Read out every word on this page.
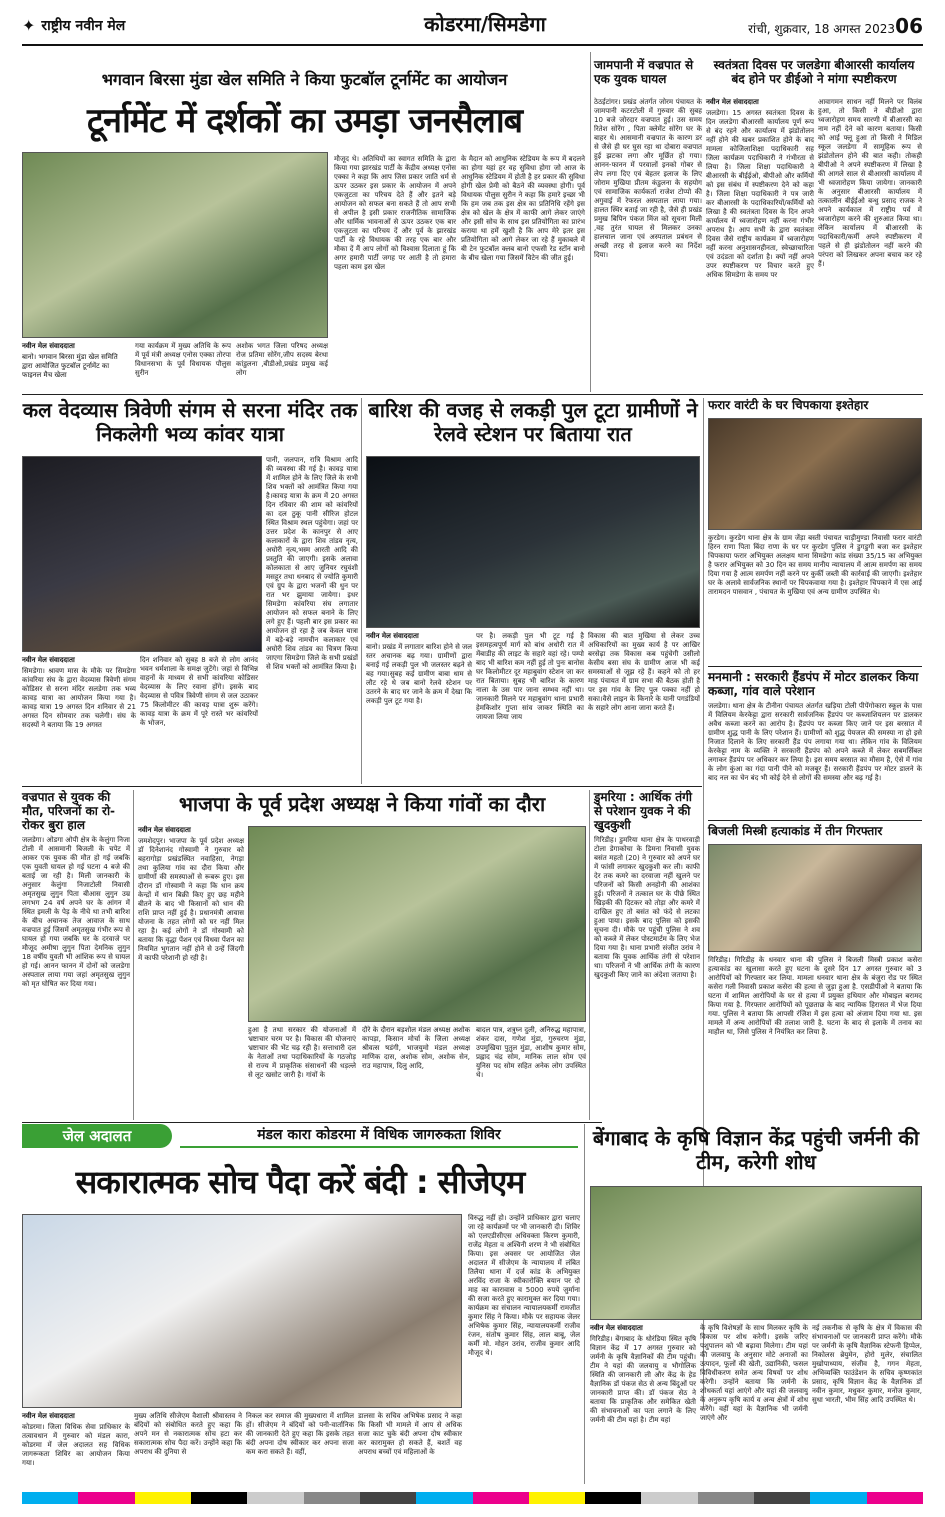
✦ राष्ट्रीय नवीन मेल	कोडरमा/सिमडेगा	रांची, शुक्रवार, 18 अगस्त 2023 06
भगवान बिरसा मुंडा खेल समिति ने किया फुटबॉल टूर्नामेंट का आयोजन
टूर्नामेंट में दर्शकों का उमड़ा जनसैलाब
नवीन मेल संवाददाता
बानो। भगवान बिरसा मुंडा खेल समिति द्वारा आयोजित फुटबॉल टूर्नामेंट का फाइनल मैच खेला
गया कार्यक्रम में मुख्य अतिथि के रूप में पूर्व मंत्री अध्यक्ष एनोस एक्का तोरपा विधानसभा के पूर्व विधायक पौलुस सुरीन
अशोक भगत जिला परिषद अध्यक्ष रोज प्रतिमा सोरेंग,जीप सदस्य बेरथा कांडुलना ,बीडीओ,प्रखंड प्रमुख कई लोग
मौजूद थे। अतिथियों का स्वागत समिति के द्वारा किया गया झारखंड पार्टी के केंद्रीय अध्यक्ष एनोस एक्का ने कहा कि आप जिस प्रकार जाति धर्म से ऊपर उठकर इस प्रकार के आयोजन में अपने एकजुटता का परिचय देते हैं और इतने बड़े आयोजन को सफल बना सकते हैं तो आप सभी से अपील है इसी प्रकार राजनीतिक सामाजिक और धार्मिक भावनाओं से ऊपर उठकर एक बार एकजुटता का परिचय दें और पूर्व के झारखंड पार्टी के रहे विधायक की तरह एक बार और मौका दें मैं आप लोगों को विश्वास दिलाता हूं कि अगर हमारी पार्टी जगह पर आती है तो हमारा पहला काम इस खेल
के मैदान को आधुनिक स्टेडियम के रूप में बदलने का होगा यहां हर वह सुविधा होगा जो आज के आधुनिक स्टेडियम में होती है हर प्रकार की सुविधा होगी खेल प्रेमी को बैठने की व्यवस्था होगी। पूर्व विधायक पौलुस सुरीन ने कहा कि हमारे इच्छा भी कि हम जब तक इस क्षेत्र का प्रतिनिधि रहेंगे इस क्षेत्र को खेल के क्षेत्र में काफी आगे लेकर जाएंगे और इसी सोच के साथ इस प्रतियोगिता का प्रारंभ कराया था हमें खुशी है कि आप मेरे इतर इस प्रतियोगिता को आगे लेकर जा रहे हैं मुकाबले में बी टेन फुटबॉल क्लब बानो एफसी रेड स्टॉन बानो के बीच खेला गया जिसमें विटेन की जीत हुई।
जामपानी में वज्रपात से एक युवक घायल
ठेठईटांगर। प्रखंड अंतर्गत जोरम पंचायत के जामपानी कटरटोली में गुरुवार की सुबह 10 बजे जोरदार वज्रपात हुई। उस समय रितेश सोरेंग , पिता क्लेमेंट सोरेंग घर के बाहर थे। आसमानी वज्रपात के कारण डर से जैसे ही घर घुस रहा था दोबारा वज्रपात हुई झटका लगा और मूर्छित हो गया। आनन-फानन में परवालों इनको गोबर से लेप लगा दिए एवं बेहतर इलाज के लिए जोराम मुखिया प्रीतम कंडुलना के सहयोग एवं सामाजिक कार्यकर्ता राजेश टोप्पो की अगुवाई में रेफरल अस्पताल लाया गया। हालत स्थिर बताई जा रही है, जैसे ही प्रखंड प्रमुख बिपिन पंकज मिंज को सूचना मिली ,वह तुरंत घायल से मिलकर उनका हालचाल जाना एवं अस्पताल प्रबंधन से अच्छी तरह से इलाज करने का निर्देश दिया।
स्वतंत्रता दिवस पर जलडेगा बीआरसी कार्यालय बंद होने पर डीईओ ने मांगा स्पष्टीकरण
नवीन मेल संवाददाता
जलडेगा। 15 अगस्त स्वतंत्रता दिवस के दिन जलडेगा बीआरसी कार्यालय पूर्ण रूप से बंद रहने और कार्यालय में झंडोतोलन नहीं होने की खबर प्रकाशित होने के बाद मामला कोजिलाशिक्षा पदाधिकारी सह जिला कार्यक्रम पदाधिकारी ने गंभीरता से लिया है। जिला शिक्षा पदाधिकारी ने बीआरसी के बीईईओ, बीपीओ और कर्मियों को इस संबंध में स्पष्टीकरण देने को कहा है। जिला शिक्षा पदाधिकारी ने पत्र जारी कर बीआरसी के पदाधिकारियों/कर्मियों को लिखा है की स्वतंत्रता दिवस के दिन अपने कार्यालय में ध्वजारोहण नहीं करना गंभीर अपराध है। आप सभी के द्वारा स्वतंत्रता दिवस जैसे राष्ट्रीय कार्यक्रम में ध्वजारोहण नहीं करना अनुशासनहीनता, स्वेच्छाचारिता एवं उदंडता को दर्शाता है। क्यों नहीं अपने उपर स्पष्टीकरण पर विचार करते हुए अधिक सिमडेगा के समय पर
आवागमन साधन नहीं मिलने पर विलंब हुआ, तो किसी ने बीडीओ द्वारा ध्वजारोहण समय सारणी में बीआरसी का नाम नहीं देने को कारण बताया। किसी को आई फ्लू हुआ तो किसी ने मिडिल स्कूल जलडेगा में सामूहिक रूप से झंडोतोलन होने की बात कही। तोकही बीपीओ ने अपने स्पष्टीकरण में लिखा है की आगले साल से बीआरसी कार्यालय में भी ध्वजारोहण किया जायेगा। जानकारी के अनुसार बीआरसी कार्यालय में तत्कालीन बीईईओ बन्धु प्रसाद राजक ने अपने कार्यकाल में राष्ट्रीय पर्व में ध्वजारोहण करने की शुरुआत किया था। लेकिन कार्यालय में बीआरसी के पदाधिकारी/कर्मी अपने स्पष्टीकरण में पहले से ही झंडोतोलन नहीं करने की परंपरा को लिखकर अपना बचाव कर रहे हैं।
कल वेदव्यास त्रिवेणी संगम से सरना मंदिर तक निकलेगी भव्य कांवर यात्रा
पानी, जलपान, रात्रि विश्राम आदि की व्यवस्था की गई है। कावड़ यात्रा में शामिल होने के लिए जिले के सभी शिव भक्तों को आमंत्रित किया गया है।कावड़ यात्रा के क्रम में 20 अगस्त दिन रविवार की शाम को कांवरियों का दल ठुकू पानी सीरिज होटल स्थित विश्राम स्थल पहुंचेगा। जहां पर उत्तर प्रदेश के कानपुर से आए कलाकारों के द्वारा शिव तांडव नृत्य, अघोरी नृत्य,भस्म आरती आदि की प्रस्तुति की जाएगी। इसके अलावा कोलकाता से आए जुनियर रघुवंशी मसहूर तथा धनबाद से ज्योति कुमारी एवं ग्रुप के द्वारा भजनों की धुन पर रात भर झुमाया जायेगा। इधर सिमडेगा कांवरिया संघ लगातार आयोजन को सफल बनाने के लिए लगे हुए हैं। पहली बार इस प्रकार का आयोजन हो रहा है जब केवल यात्रा में बड़े-बड़े नामचीन कलाकार एवं अघोरी शिव तांडव का चित्रण किया जाएगा सिमडेगा जिले के सभी प्रखंडों से शिव भक्तों को आमंत्रित किया है।
नवीन मेल संवाददाता
सिमडेगा। श्रावण मास के मौके पर सिमडेगा कांवरिया संघ के द्वारा वेदव्यास त्रिवेणी संगम कोडिसर से सरना मंदिर सलडेगा तक भव्य कावड़ यात्रा का आयोजन किया गया है। कावड़ यात्रा 19 अगस्त दिन शनिवार से 21 अगस्त दिन सोमवार तक चलेगी। संघ के सदस्यों ने बताया कि 19 अगस्त
दिन शनिवार को सुबह 8 बजे से लोग आनंद भवन धर्मशाला के समक्ष जुटेंगे। जहां से विभिन्न वाहनों के माध्यम से सभी कांवरिया कोडिसर वेदव्यास के लिए रवाना होंगे। इसके बाद वेदव्यास से पवित्र त्रिवेणी संगम से जल उठाकर 75 किलोमीटर की कावड़ यात्रा शुरू करेंगे। कावड़ यात्रा के क्रम में पूरे रास्ते भर कांवरियों के भोजन,
बारिश की वजह से लकड़ी पुल टूटा ग्रामीणों ने रेलवे स्टेशन पर बिताया रात
नवीन मेल संवाददाता
बानो। प्रखंड में लगातार बारिश होने से जल स्तर अचानक बढ़ गया। ग्रामीणों द्वारा बनाई गई लकड़ी पुल भी जलस्तर बढ़ने से बह गया।सुबह कई ग्रामीण बाबा धाम से लौट रहे थे जब बानो रेलवे स्टेशन पर उतरने के बाद घर जाने के क्रम में देखा कि लकड़ी पुल टूट गया है।
पर है। लकड़ी पुल भी टूट गई है इसमहत्वपूर्ण मार्ग को बांध अधोरी रात में मेंबाडीह की लाइट के सहारे वहां रहे। पम्पो बाद भी बारिश कम नहीं हुई तो पुनः बानोस घर किलोमीटर दूर महाबुवांग स्टेशन जा कर रात बिताया। सुबह भी बारिश के कारण नाला के उस पार जाना सम्भव नहीं था। जानकारी मिलने पर महाबुवांग थाना प्रभारी हेमकिशोर गुप्ता सांव जाकर स्थिति का जायजा लिया जाय
विकास की बात मुखिया से लेकर उच्च अधिकारियों का मुख्य कार्य है पर आखिर बरसेढ़ा तक विकास कब पहुंचेगी उसीलो केसीय बसा संघ के ग्रामीण आज भी कई समस्याओं से जूझ रहे हैं। कहने को तो हर माह पंचायत में ग्राम सभा की बैठक होती है पर इस गांव के लिए पुल पक्का नहीं हो सका।वैसे लाइन के किनारे के यानी पगडंडियों के सहारे लोग आना जाना करते हैं।
फरार वारंटी के घर चिपकाया इश्तेहार
कुरडेग। कुरडेग थाना क्षेत्र के ग्राम जेंड़ा बस्ती पंचायत चाड़ीमुण्डा निवासी फरार वारंटी हिरन राणा पिता बिंदा राणा के घर पर कुरडेग पुलिस ने डुगडुगी बजा कर इश्तेहार चिपकाया फरार अभियुक्त अलक्षय थाना सिमडेगा कांड संख्या 35/15 का अभियुक्त है फरार अभियुक्त को 30 दिन का समय मानीय न्यायालय में आत्म समर्पण का समय दिया गया है आत्म समर्पण नहीं करने पर कुर्की जब्ती की कार्रवाई की जाएगी। इश्तेहार घर के अलावे सार्वजनिक स्थानों पर चिपकवाया गया है। इश्तेहार चिपकाने में एस आई तारामदन पासवान , पंचायत के मुखिया एवं अन्य ग्रामीण उपस्थित थे।
मनमानी : सरकारी हैंडपंप में मोटर डालकर किया कब्जा, गांव वाले परेशान
जलडेगा। थाना क्षेत्र के टीनीना पंचायत अंतर्गत खड़िया टोली पीपेंगोकारा स्कूल के पास में विलियम केरकेट्टा द्वारा सरकारी सार्वजनिक हैंडपंप पर कब्जाशियलन पर डालकर अवैध कब्जा करने का आरोप है। हैंडपंप पर कब्जा किए जाने पर इस बरसात में ग्रामीण शुद्ध पानी के लिए परेशान हैं। ग्रामीणों को शुद्ध पेयजल की समस्या ना हो इसे निजात दिलाने के लिए सरकारी हैंड पंप लगाया गया था। लेकिन गांव के विलियम केरकेट्टा नाम के व्यक्ति ने सरकारी हैंडपंप को अपने कब्जे में लेकर सबमर्सिबल लगाकर हैंडपंप पर अधिकार कर लिया है। इस समय बरसात का मौसम है, ऐसे में गांव के लोग कुंआ का गंदा पानी पीने को मजबूर हैं। सरकारी हैंडपंप पर मोटर डालने के बाद नल का चेन बंद भी कोई देने से लोगों की समस्या और बढ़ गई है।
बिजली मिस्त्री हत्याकांड में तीन गिरफ्तार
गिरिडीह। गिरिडीह के धनवार थाना की पुलिस ने बिजली मिस्त्री प्रकाश कसेरा हत्याकांड का खुलासा करते हुए घटना के दूसरे दिन 17 अगस्त गुरुवार को 3 आरोपियों को गिरफ्तार कर लिया. मामला धनवार थाना क्षेत्र के बंजुरा रोड पर स्थित कसेरा गली निवासी प्रकाश कसेरा की हत्या से जुड़ा हुआ है. एसडीपीओ ने बताया कि घटना में शामिल आरोपियों के घर से हत्या में प्रयुक्त हथियार और मोबाइल बरामद किया गया है. गिरफ्तार आरोपियों को पूछताछ के बाद न्यायिक हिरासत में भेज दिया गया. पुलिस ने बताया कि आपसी रंजिश में इस हत्या को अंजाम दिया गया था. इस मामले में अन्य आरोपियों की तलाश जारी है. घटना के बाद से इलाके में तनाव का माहौल था, जिसे पुलिस ने नियंत्रित कर लिया है.
वज्रपात से युवक की मौत, परिजनों का रो-रोकर बुरा हाल
जलडेगा। ओडगा ओपी क्षेत्र के केलुंगा निजा टोली में आसमानी बिजली के चपेट में आकर एक युवक की मौत हो गई जबकि एक युवती घायल हो गई घटना 4 बजे की बताई जा रही है। मिली जानकारी के अनुसार केलुंगा निजाटोली निवासी अमृतसुख लुगुन पिता बीआस लुगुन उम्र लगभग 24 वर्ष अपने घर के आंगन में स्थित इमली के पेड़ के नीचे था तभी बारिश के बीच अचानक तेज आवाज के साथ वज्रपात हुई जिसमें अमृतसुख गंभीर रूप से घायल हो गया जबकि घर के दरवाजे पर मौजूद अमीषा लुगुन पिता देमनिक लुगुन 18 वर्षीय युवती भी आंशिक रूप से घायल हो गई। आनन फानन में दोनों को जलडेगा अस्पताल लाया गया जहां अमृतसुख लुगुन को मृत घोषित कर दिया गया।
भाजपा के पूर्व प्रदेश अध्यक्ष ने किया गांवों का दौरा
नवीन मेल संवाददाता
जमशेदपुर। भाजपा के पूर्व प्रदेश अध्यक्ष डॉ दिनेशानंद गोस्वामी ने गुरुवार को बहरागोड़ा प्रखंडस्थित नवाहिसा, नेगड़ा तथा कुलिया गांव का दौरा किया और ग्रामीणों की समस्याओं से रूबरू हुए। इस दौरान डॉ गोस्वामी ने कहा कि धान क्रय केन्द्रों में धान बिक्री किए हुए छह महीने बीतने के बाद भी किसानों को धान की राशि प्राप्त नहीं हुई है। प्रधानमंत्री आवास योजना के तहत लोगों को घर नहीं मिल रहा है। कई लोगों ने डॉ गोस्वामी को बताया कि वृद्धा पेंशन एवं विधवा पेंशन का नियमित भुगतान नहीं होने से उन्हें जिंदगी में काफी परेशानी हो रही है।
हुआ है तथा सरकार की योजनाओं में भ्रष्टाचार चरम पर है। विकास की योजनाएं भ्रष्टाचार की भेंट चढ़ रही है। सत्ताधारी दल के नेताओं तथा पदाधिकारियों के गठजोड़ से राज्य में प्राकृतिक संसाधनों की धड़ल्ले से लूट खसोट जारी है। गांवों के
दौरे के दौरान बड़शोल मंडल अध्यक्ष अशोक कापड़ा, किसान मोर्चा के जिला अध्यक्ष श्रीवत्स षडंगी, भाजयुमो मंडल अध्यक्ष माणिक दास, अशोक सोम, अशोक सेन, राउ महापात्र, दिलु आदि,
बादल पात्र, शत्रुघ्न दुली, अनिरुद्ध महापात्रा, शंकर दास, गणेश मुंडा, गुरुचरण मुंडा, उपमुखिया पुतुल मुंडा, आशीष कुमार सोम, प्रह्लाद चंद्र सोम, मानिक लाल सोम एवं युनिस पद सोम सहित अनेक लोग उपस्थित थे।
डुमरिया : आर्थिक तंगी से परेशान युवक ने की खुदकुशी
गिरिडीह। डुमरिया थाना क्षेत्र के पाथरवाड़ी टोला डेगाकोचा के डिमना निवासी युवक बसंत महतो (20) ने गुरुवार को अपने घर में फांसी लगाकर खुदकुशी कर ली। काफी देर तक कमरे का दरवाजा नहीं खुलने पर परिजनों को किसी अनहोनी की आशंका हुई। परिजनों ने तत्काल घर के पीछे स्थित खिड़की की दिटकर को तोड़ा और कमरे में दाखिल हुए तो बसंत को फंदे से लटका हुआ पाया। इसके बाद पुलिस को इसकी सूचना दी। मौके पर पहुंची पुलिस ने शव को कब्जे में लेकर पोस्टमार्टम के लिए भेज दिया गया है। थाना प्रभारी संजीत उरांव ने बताया कि युवक आर्थिक तंगी से परेशान था। परिजनों ने भी आर्थिक तंगी के कारण खुदकुशी किए जाने का अंदेशा जताया है।
जेल अदालत	मंडल कारा कोडरमा में विधिक जागरुकता शिविर
सकारात्मक सोच पैदा करें बंदी : सीजेएम
नवीन मेल संवाददाता
कोडरमा। जिला विधिक सेवा प्राधिकार के तत्वावधान में गुरुवार को मंडल कारा, कोडरमा में जेल अदालत सह विधिक जागरूकता शिविर का आयोजन किया गया।
मुख्य अतिथि सीजेएम वैशाली श्रीवास्तव ने बंदियों को संबोधित करते हुए कहा कि अपने मन से नकारात्मक सोच हटा कर सकारात्मक सोच पैदा करें। उन्होंने कहा कि अपराध की दुनिया से
निकल कर समाज की मुख्यधारा में शामिल हों। सीजेएम ने बंदियों को पनी-वार्तानिक की जानकारी देते हुए कहा कि इसके तहत बंदी अपना दोष स्वीकार कर अपना सजा कम करा सकते हैं। वहीं,
डालसा के सचिव अभिषेक प्रसाद ने कहा कि किसी भी मामले में आप से अधिक सजा काट चुके बंदी अपना दोष स्वीकार कर कारामुक्त हो सकते हैं, बशर्ते वह अपराध बच्चों एवं महिलाओं के
विरुद्ध नहीं हो। उन्होंने प्राधिकार द्वारा चलाए जा रहे कार्यक्रमों पर भी जानकारी दी। शिविर को एलएडीसीएस अधिवक्ता किरण कुमारी, राजेंद्र मेहता व अश्विनी शरण ने भी संबोधित किया। इस अवसर पर आयोजित जेल अदालत में सीजेएम के न्यायालय में लंबित तिलैया थाना में दर्ज कांड के अभियुक्त अरविंद राजा के स्वीकारोक्ति बयान पर दो माह का कारावास व 5000 रुपये जुर्माना की सजा करते हुए कारामुक्त कर दिया गया। कार्यक्रम का संचालन न्यायालयकर्मी रामजीत कुमार सिंह ने किया। मौके पर सहायक जेलर अभिषेक कुमार सिंह, न्यायालयकर्मी राजीव रंजन, संतोष कुमार सिंह, लाल बाबू, जेल कर्मी मो. मोहन उरांव, राजीव कुमार आदि मौजूद थे।
बेंगाबाद के कृषि विज्ञान केंद्र पहुंची जर्मनी की टीम, करेगी शोध
नवीन मेल संवाददाता
गिरिडीह। बेंगाबाद के धोरंडिया स्थित कृषि विज्ञान केंद्र में 17 अगस्त गुरुवार को जर्मनी के कृषि वैज्ञानिकों की टीम पहुंची। टीम ने यहां की जलवायु व भौगोलिक स्थिति की जानकारी ली और केंद्र के हेड वैज्ञानिक डॉ पंकज सेठ से अन्य बिंदुओं पर जानकारी प्राप्त की। डॉ पंकज सेठ ने बताया कि प्राकृतिक और समेकित खेती की संभावनाओं का पता लगाने के लिए जर्मनी की टीम यहां है। टीम यहां
के कृषि विशेषज्ञों के साथ मिलकर कृषि के विकास पर शोध करेगी। इसके जरिए पशुपालन को भी बढ़ावा मिलेगा। टीम यहां की जलवायु के अनुसार मोटे अनाजों का उत्पादन, फूलों की खेती, उद्यानिकी, फसल विविधीकरण समेत अन्य विषयों पर शोध करेगी। उन्होंने बताया कि जर्मनी के शोधकर्ता यहां आएंगे और यहां की जलवायु के अनुरूप कृषि कार्य व अन्य क्षेत्रों में शोध करेंगे। वहीं यहां के वैज्ञानिक भी जर्मनी जाएंगे और
नई तकनीक से कृषि के क्षेत्र में विकास की संभावनाओं पर जानकारी प्राप्त करेंगे। मौके पर जर्मनी के कृषि वैज्ञानिक स्टेफनी हिप्पेल, निकोलस ब्रेयुमेन, होरो मुलेर, संचालित मुखोपाध्याय, संजीव है, गगन मेहता, अभिव्यक्ति फाउंडेशन के सचिव कृष्णकांत प्रसाद, कृषि विज्ञान केंद्र के वैज्ञानिक डॉ नवीन कुमार, मधुकर कुमार, मनोज कुमार, सुधा भारती, भीम सिंह आदि उपस्थित थे।
